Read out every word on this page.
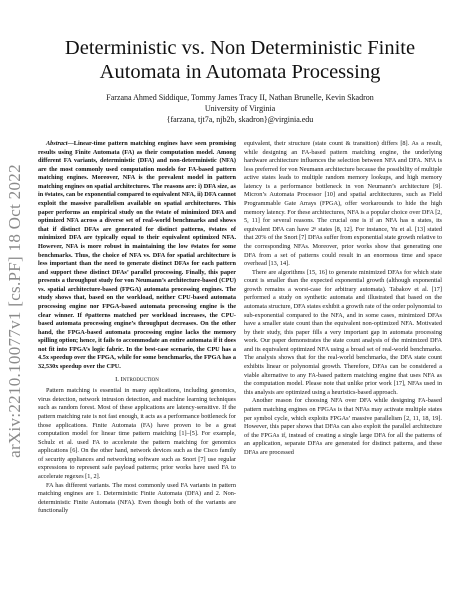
arXiv:2210.10077v1 [cs.PF] 18 Oct 2022
Deterministic vs. Non Deterministic Finite
Automata in Automata Processing
Farzana Ahmed Siddique, Tommy James Tracy II, Nathan Brunelle, Kevin Skadron
University of Virginia
{farzana, tjt7a, njb2b, skadron}@virginia.edu

Abstract—Linear-time pattern matching engines have seen promising results using Finite Automata (FA) as their computation model. Among different FA variants, deterministic (DFA) and non-deterministic (NFA) are the most commonly used computation models for FA-based pattern matching engines. Moreover, NFA is the prevalent model in pattern matching engines on spatial architectures. The reasons are: i) DFA size, as in #states, can be exponential compared to equivalent NFA, ii) DFA cannot exploit the massive parallelism available on spatial architectures. This paper performs an empirical study on the #state of minimized DFA and optimized NFA across a diverse set of real-world benchmarks and shows that if distinct DFAs are generated for distinct patterns, #states of minimized DFA are typically equal to their equivalent optimized NFA. However, NFA is more robust in maintaining the low #states for some benchmarks. Thus, the choice of NFA vs. DFA for spatial architecture is less important than the need to generate distinct DFAs for each pattern and support these distinct DFAs’ parallel processing. Finally, this paper presents a throughput study for von Neumann’s architecture-based (CPU) vs. spatial architecture-based (FPGA) automata processing engines. The study shows that, based on the workload, neither CPU-based automata processing engine nor FPGA-based automata processing engine is the clear winner. If #patterns matched per workload increases, the CPU-based automata processing engine’s throughput decreases. On the other hand, the FPGA-based automata processing engine lacks the memory spilling option; hence, it fails to accommodate an entire automata if it does not fit into FPGA’s logic fabric. In the best-case scenario, the CPU has a 4.5x speedup over the FPGA, while for some benchmarks, the FPGA has a 32,530x speedup over the CPU.

I. Introduction

Pattern matching is essential in many applications, including genomics, virus detection, network intrusion detection, and machine learning techniques such as random forest. Most of these applications are latency-sensitive. If the pattern matching rate is not fast enough, it acts as a performance bottleneck for those applications. Finite Automata (FA) have proven to be a great computation model for linear time pattern matching [1]–[5]. For example, Schulz et al. used FA to accelerate the pattern matching for genomics applications [6]. On the other hand, network devices such as the Cisco family of security appliances and networking software such as Snort [7] use regular expressions to represent safe payload patterns; prior works have used FA to accelerate regexes [1, 2].

FA has different variants. The most commonly used FA variants in pattern matching engines are 1. Deterministic Finite Automata (DFA) and 2. Non-deterministic Finite Automata (NFA). Even though both of the variants are functionally

equivalent, their structure (state count & transition) differs [8]. As a result, while designing an FA-based pattern matching engine, the underlying hardware architecture influences the selection between NFA and DFA. NFA is less preferred for von Neumann architecture because the possibility of multiple active states leads to multiple random memory lookups, and high memory latency is a performance bottleneck in von Neumann’s architecture [9]. Micron’s Automata Processor [10] and spatial architectures, such as Field Programmable Gate Arrays (FPGA), offer workarounds to hide the high memory latency. For these architectures, NFA is a popular choice over DFA [2, 5, 11] for several reasons. The crucial one is if an NFA has n states, its equivalent DFA can have 2ⁿ states [8, 12]. For instance, Yu et al. [13] stated that 20% of the Snort [7] DFAs suffer from exponential state growth relative to the corresponding NFAs. Moreover, prior works show that generating one DFA from a set of patterns could result in an enormous time and space overhead [13, 14].

There are algorithms [15, 16] to generate minimized DFAs for which state count is smaller than the expected exponential growth (although exponential growth remains a worst-case for arbitrary automata). Tabakov et al. [17] performed a study on synthetic automata and illustrated that based on the automata structure, DFA states exhibit a growth rate of the order polynomial to sub-exponential compared to the NFA, and in some cases, minimized DFAs have a smaller state count than the equivalent non-optimized NFA. Motivated by their study, this paper fills a very important gap in automata processing work. Our paper demonstrates the state count analysis of the minimized DFA and its equivalent optimized NFA using a broad set of real-world benchmarks. The analysis shows that for the real-world benchmarks, the DFA state count exhibits linear or polynomial growth. Therefore, DFAs can be considered a viable alternative to any FA-based pattern matching engine that uses NFA as the computation model. Please note that unlike prior work [17], NFAs used in this analysis are optimized using a heuristics-based approach.

Another reason for choosing NFA over DFA while designing FA-based pattern matching engines on FPGAs is that NFAs may activate multiple states per symbol cycle, which exploits FPGAs’ massive parallelism [2, 11, 18, 19]. However, this paper shows that DFAs can also exploit the parallel architecture of the FPGAs if, instead of creating a single large DFA for all the patterns of an application, separate DFAs are generated for distinct patterns, and these DFAs are processed
